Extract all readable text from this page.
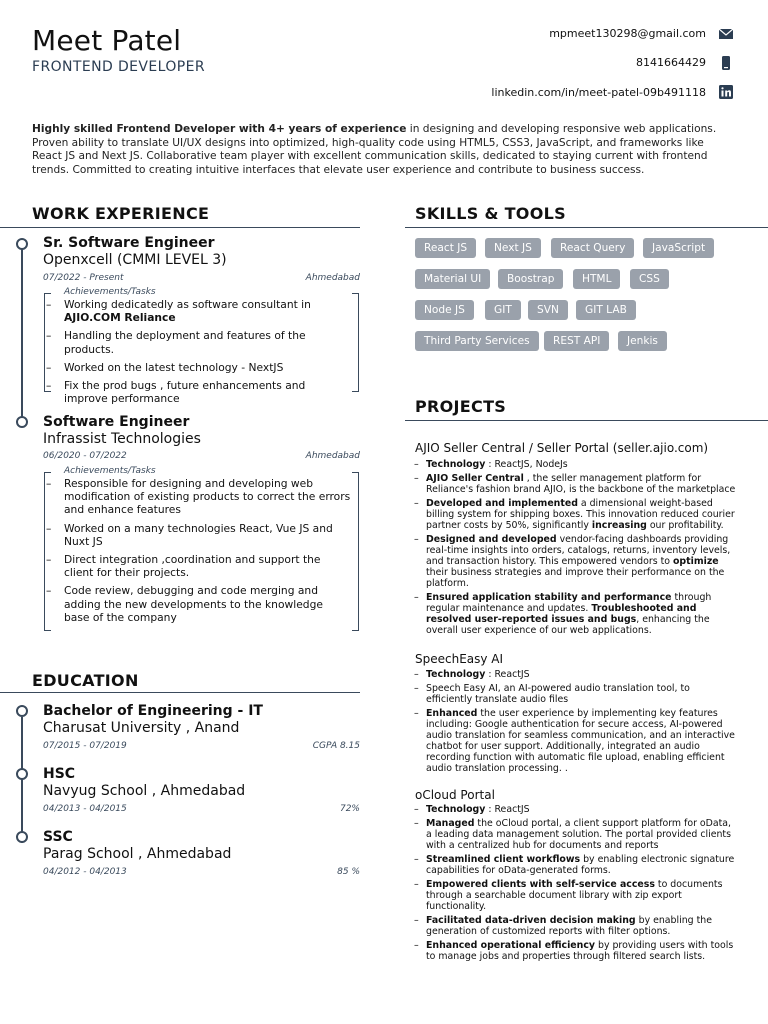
Meet Patel
FRONTEND DEVELOPER
mpmeet130298@gmail.com
8141664429
linkedin.com/in/meet-patel-09b491118
Highly skilled Frontend Developer with 4+ years of experience in designing and developing responsive web applications. Proven ability to translate UI/UX designs into optimized, high-quality code using HTML5, CSS3, JavaScript, and frameworks like React JS and Next JS. Collaborative team player with excellent communication skills, dedicated to staying current with frontend trends. Committed to creating intuitive interfaces that elevate user experience and contribute to business success.
WORK EXPERIENCE
Sr. Software Engineer
Openxcell (CMMI LEVEL 3)
07/2022 - Present	Ahmedabad
Achievements/Tasks
– Working dedicatedly as software consultant in AJIO.COM Reliance
– Handling the deployment and features of the products.
– Worked on the latest technology - NextJS
– Fix the prod bugs , future enhancements and improve performance
Software Engineer
Infrassist Technologies
06/2020 - 07/2022	Ahmedabad
Achievements/Tasks
– Responsible for designing and developing web modification of existing products to correct the errors and enhance features
– Worked on a many technologies React, Vue JS and Nuxt JS
– Direct integration ,coordination and support the client for their projects.
– Code review, debugging and code merging and adding the new developments to the knowledge base of the company
EDUCATION
Bachelor of Engineering - IT
Charusat University , Anand
07/2015 - 07/2019	CGPA 8.15
HSC
Navyug School , Ahmedabad
04/2013 - 04/2015	72%
SSC
Parag School , Ahmedabad
04/2012 - 04/2013	85 %
SKILLS & TOOLS
React JS	Next JS	React Query	JavaScript
Material UI	Boostrap	HTML	CSS
Node JS	GIT	SVN	GIT LAB
Third Party Services	REST API	Jenkis
PROJECTS
AJIO Seller Central / Seller Portal (seller.ajio.com)
– Technology : ReactJS, NodeJs
– AJIO Seller Central , the seller management platform for Reliance's fashion brand AJIO, is the backbone of the marketplace
– Developed and implemented a dimensional weight-based billing system for shipping boxes. This innovation reduced courier partner costs by 50%, significantly increasing our profitability.
– Designed and developed vendor-facing dashboards providing real-time insights into orders, catalogs, returns, inventory levels, and transaction history. This empowered vendors to optimize their business strategies and improve their performance on the platform.
– Ensured application stability and performance through regular maintenance and updates. Troubleshooted and resolved user-reported issues and bugs, enhancing the overall user experience of our web applications.
SpeechEasy AI
– Technology : ReactJS
– Speech Easy AI, an AI-powered audio translation tool, to efficiently translate audio files
– Enhanced the user experience by implementing key features including: Google authentication for secure access, AI-powered audio translation for seamless communication, and an interactive chatbot for user support. Additionally, integrated an audio recording function with automatic file upload, enabling efficient audio translation processing. .
oCloud Portal
– Technology : ReactJS
– Managed the oCloud portal, a client support platform for oData, a leading data management solution. The portal provided clients with a centralized hub for documents and reports
– Streamlined client workflows by enabling electronic signature capabilities for oData-generated forms.
– Empowered clients with self-service access to documents through a searchable document library with zip export functionality.
– Facilitated data-driven decision making by enabling the generation of customized reports with filter options.
– Enhanced operational efficiency by providing users with tools to manage jobs and properties through filtered search lists.
